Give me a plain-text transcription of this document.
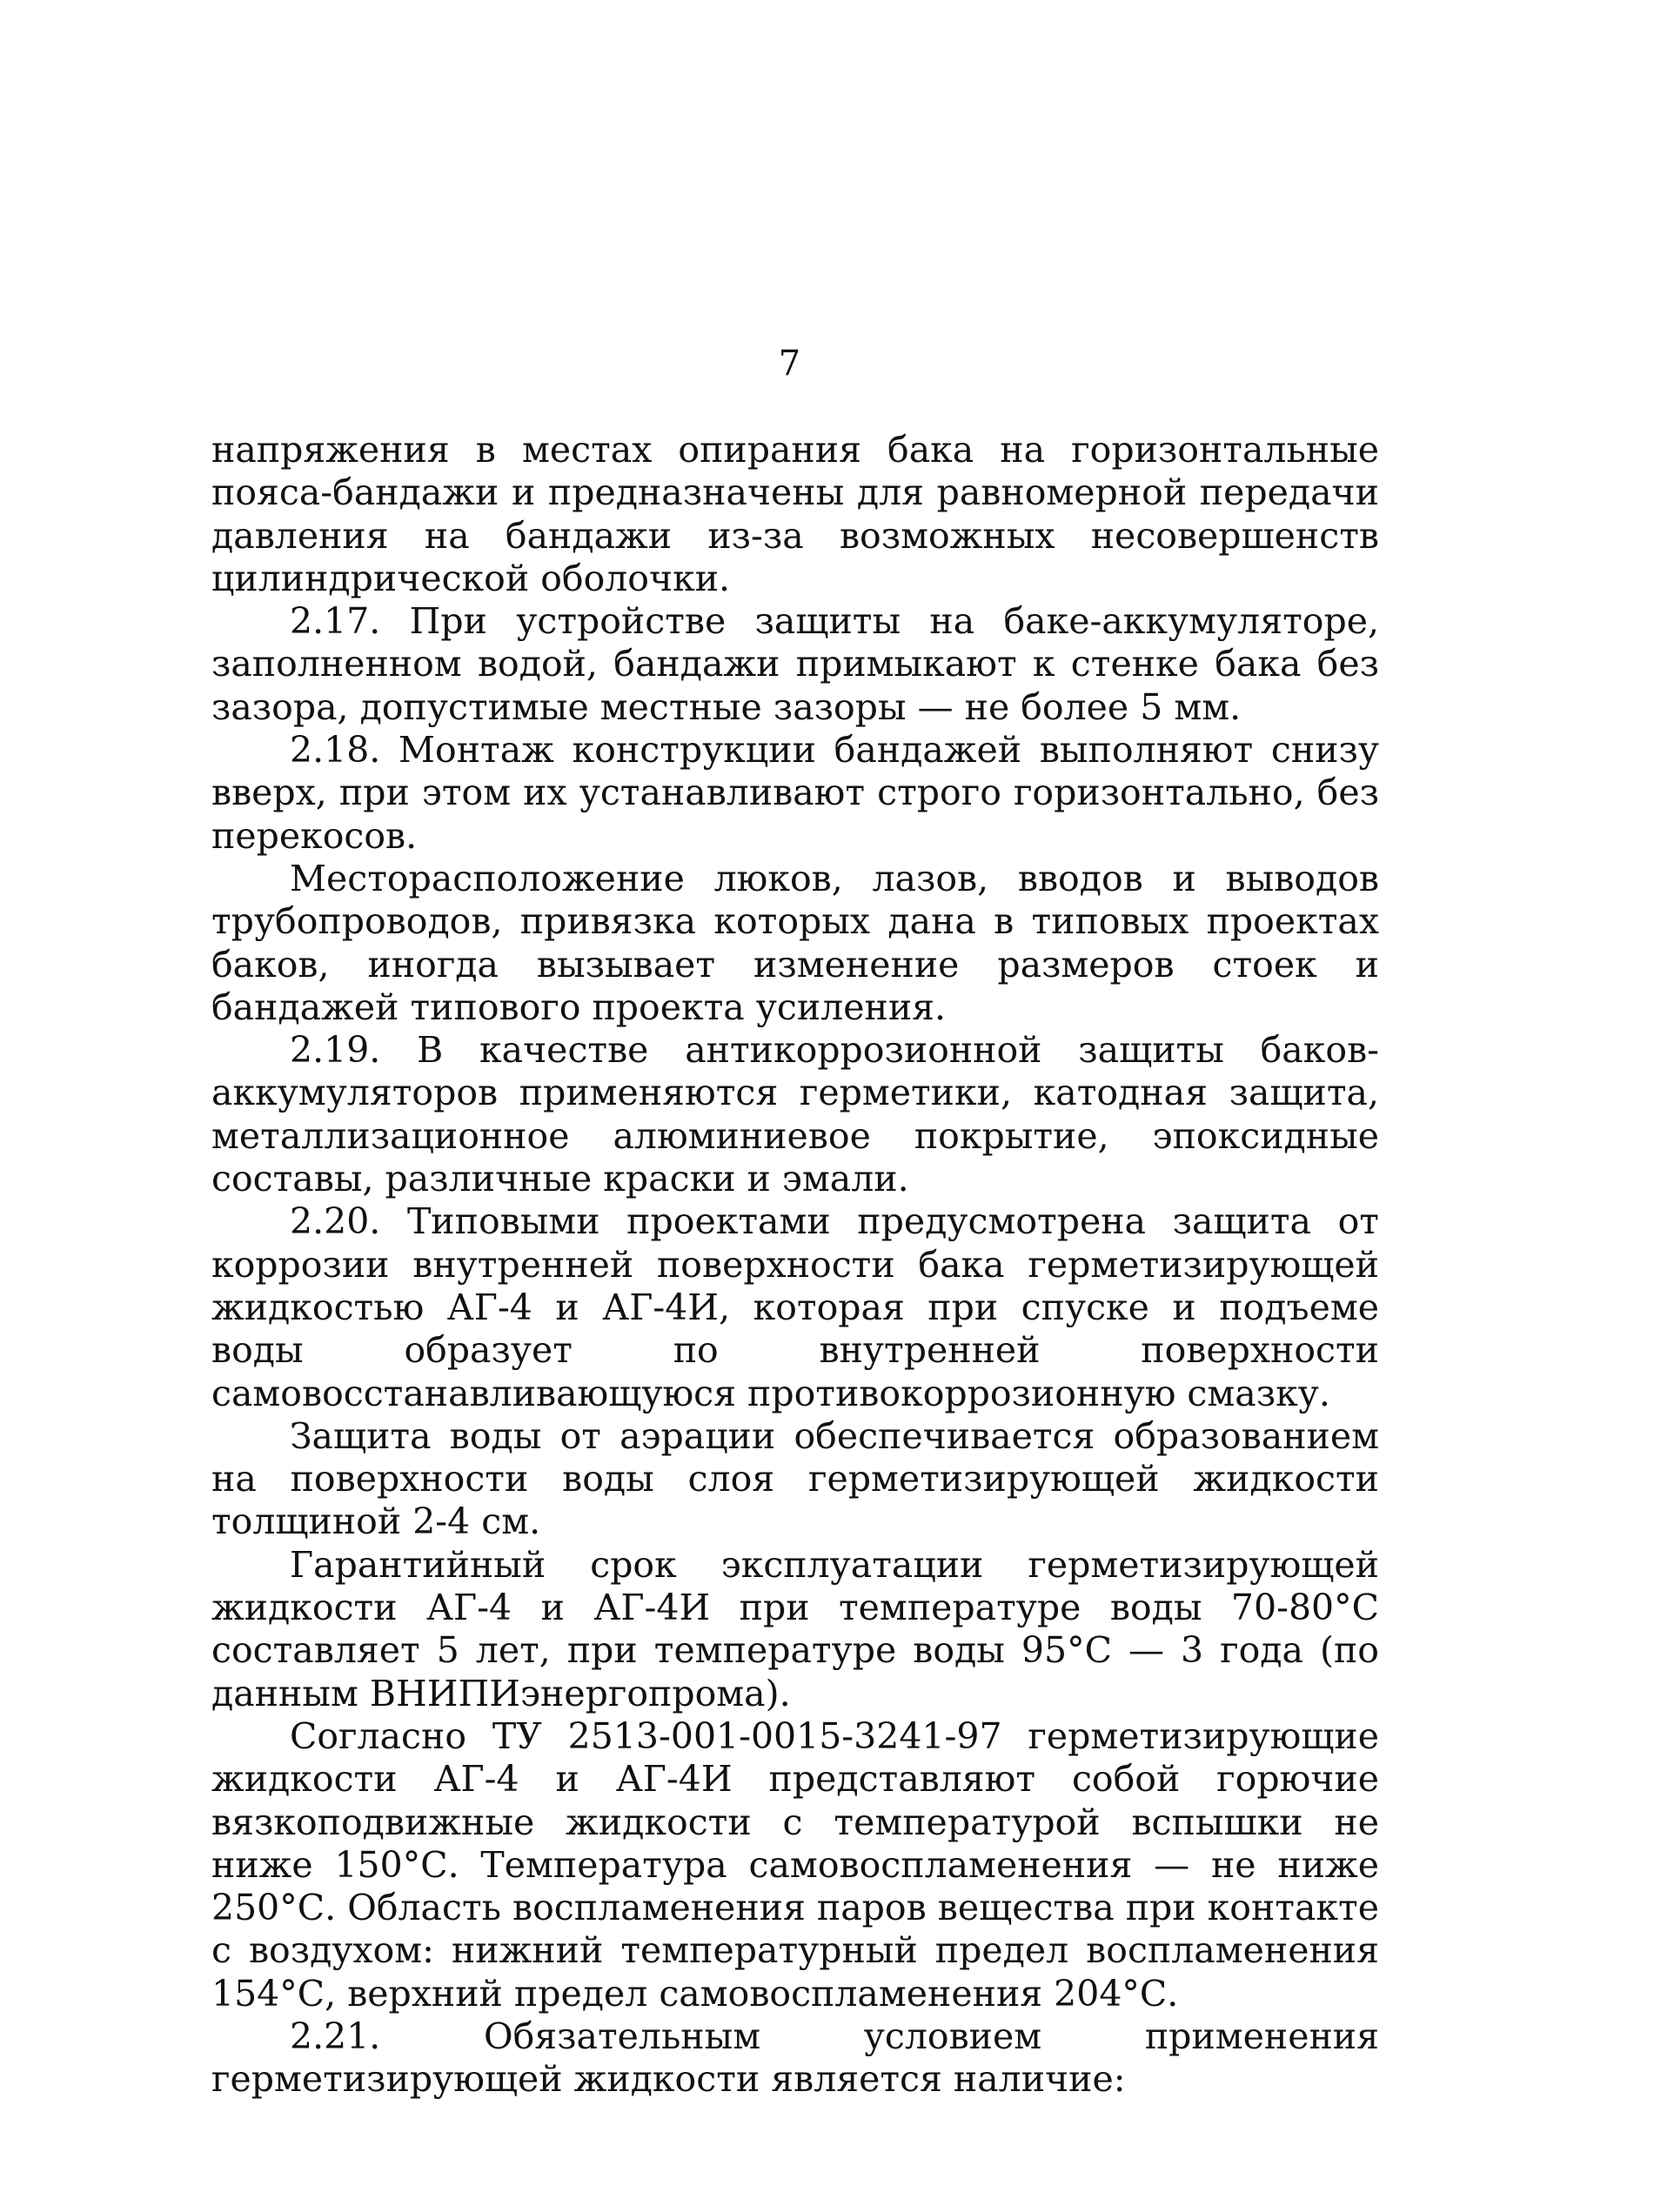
7

напряжения в местах опирания бака на горизонтальные пояса-бандажи и предназначены для равномерной передачи давления на бандажи из-за возможных несовершенств цилиндрической оболочки.

2.17. При устройстве защиты на баке-аккумуляторе, заполненном водой, бандажи примыкают к стенке бака без зазора, допустимые местные зазоры — не более 5 мм.

2.18. Монтаж конструкции бандажей выполняют снизу вверх, при этом их устанавливают строго горизонтально, без перекосов.

Месторасположение люков, лазов, вводов и выводов трубопроводов, привязка которых дана в типовых проектах баков, иногда вызывает изменение размеров стоек и бандажей типового проекта усиления.

2.19. В качестве антикоррозионной защиты баков-аккумуляторов применяются герметики, катодная защита, металлизационное алюминиевое покрытие, эпоксидные составы, различные краски и эмали.

2.20. Типовыми проектами предусмотрена защита от коррозии внутренней поверхности бака герметизирующей жидкостью АГ-4 и АГ-4И, которая при спуске и подъеме воды образует по внутренней поверхности самовосстанавливающуюся противокоррозионную смазку.

Защита воды от аэрации обеспечивается образованием на поверхности воды слоя герметизирующей жидкости толщиной 2-4 см.

Гарантийный срок эксплуатации герметизирующей жидкости АГ-4 и АГ-4И при температуре воды 70-80°С составляет 5 лет, при температуре воды 95°С — 3 года (по данным ВНИПИэнергопрома).

Согласно ТУ 2513-001-0015-3241-97 герметизирующие жидкости АГ-4 и АГ-4И представляют собой горючие вязкоподвижные жидкости с температурой вспышки не ниже 150°С. Температура самовоспламенения — не ниже 250°С. Область воспламенения паров вещества при контакте с воздухом: нижний температурный предел воспламенения 154°С, верхний предел самовоспламенения 204°С.

2.21. Обязательным условием применения герметизирующей жидкости является наличие:
